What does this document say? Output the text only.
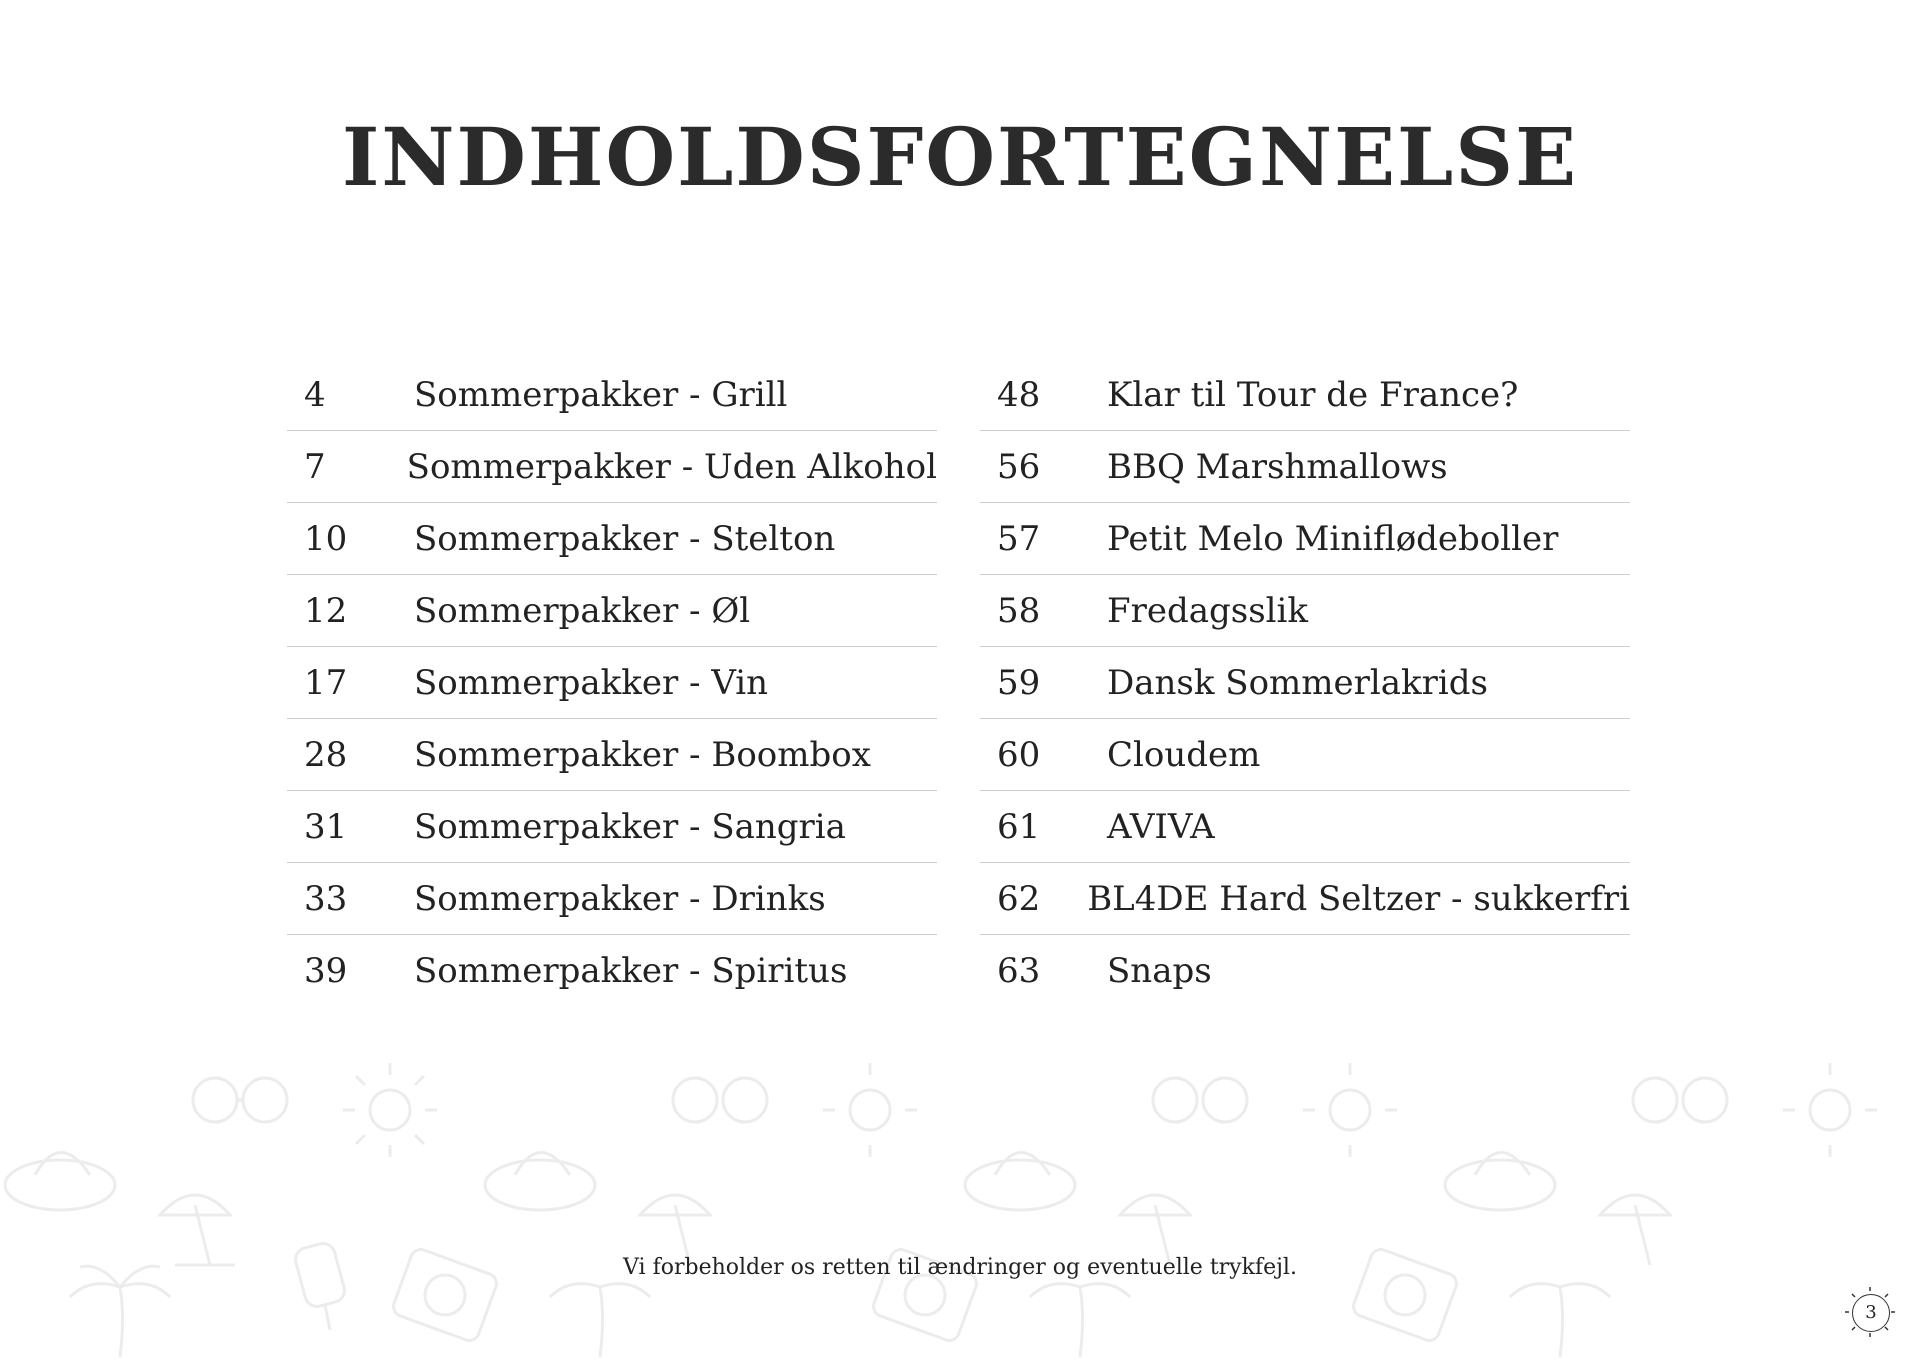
INDHOLDSFORTEGNELSE
4	Sommerpakker - Grill
7	Sommerpakker - Uden Alkohol
10	Sommerpakker - Stelton
12	Sommerpakker - Øl
17	Sommerpakker - Vin
28	Sommerpakker - Boombox
31	Sommerpakker - Sangria
33	Sommerpakker - Drinks
39	Sommerpakker - Spiritus
48	Klar til Tour de France?
56	BBQ Marshmallows
57	Petit Melo Miniflødeboller
58	Fredagsslik
59	Dansk Sommerlakrids
60	Cloudem
61	AVIVA
62	BL4DE Hard Seltzer - sukkerfri
63	Snaps
Vi forbeholder os retten til ændringer og eventuelle trykfejl.
3
